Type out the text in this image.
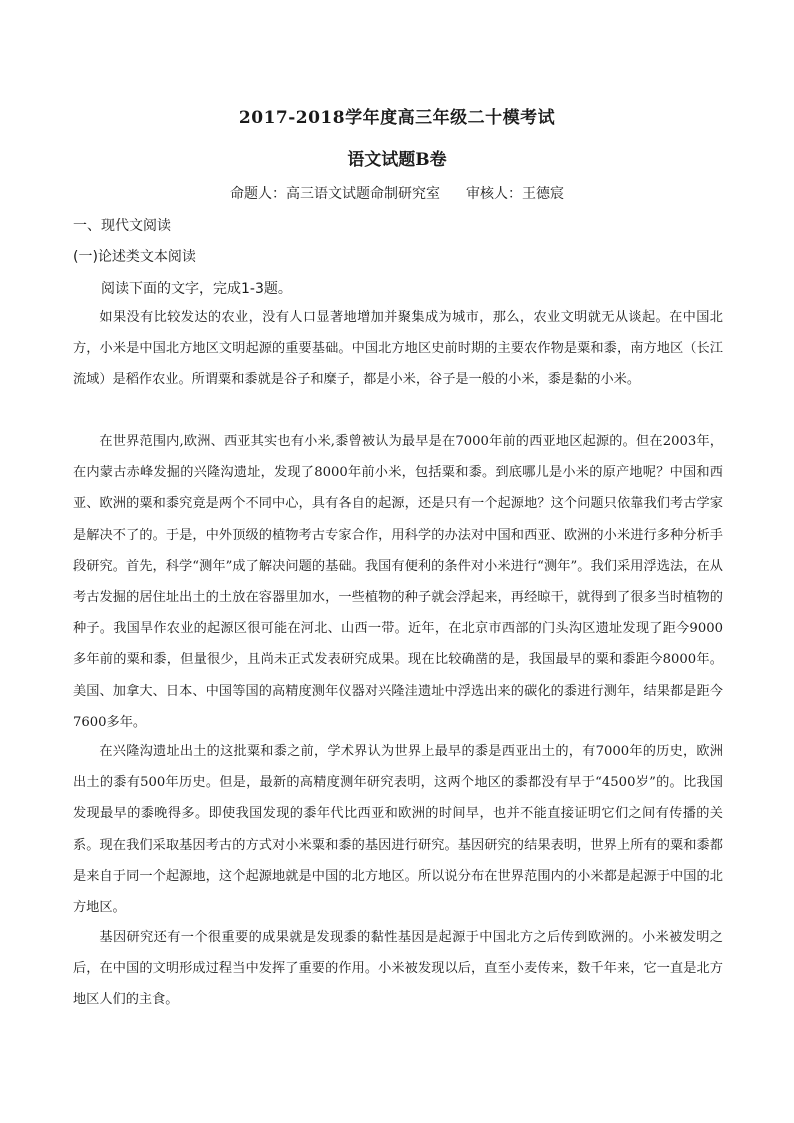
2017-2018学年度高三年级二十模考试
语文试题B卷
命题人：高三语文试题命制研究室 审核人：王德宸
一、现代文阅读
(一)论述类文本阅读
阅读下面的文字，完成1-3题。

如果没有比较发达的农业，没有人口显著地增加并聚集成为城市，那么，农业文明就无从谈起。在中国北方，小米是中国北方地区文明起源的重要基础。中国北方地区史前时期的主要农作物是粟和黍，南方地区（长江流域）是稻作农业。所谓粟和黍就是谷子和糜子，都是小米，谷子是一般的小米，黍是黏的小米。

在世界范围内,欧洲、西亚其实也有小米,黍曾被认为最早是在7000年前的西亚地区起源的。但在2003年，在内蒙古赤峰发掘的兴隆沟遗址，发现了8000年前小米，包括粟和黍。到底哪儿是小米的原产地呢？中国和西亚、欧洲的粟和黍究竟是两个不同中心，具有各自的起源，还是只有一个起源地？这个问题只依靠我们考古学家是解决不了的。于是，中外顶级的植物考古专家合作，用科学的办法对中国和西亚、欧洲的小米进行多种分析手段研究。首先，科学“测年”成了解决问题的基础。我国有便利的条件对小米进行“测年”。我们采用浮选法，在从考古发掘的居住址出土的土放在容器里加水，一些植物的种子就会浮起来，再经晾干，就得到了很多当时植物的种子。我国旱作农业的起源区很可能在河北、山西一带。近年，在北京市西部的门头沟区遗址发现了距今9000多年前的粟和黍，但量很少，且尚未正式发表研究成果。现在比较确凿的是，我国最早的粟和黍距今8000年。美国、加拿大、日本、中国等国的高精度测年仪器对兴隆洼遗址中浮选出来的碳化的黍进行测年，结果都是距今7600多年。

在兴隆沟遗址出土的这批粟和黍之前，学术界认为世界上最早的黍是西亚出土的，有7000年的历史，欧洲出土的黍有500年历史。但是，最新的高精度测年研究表明，这两个地区的黍都没有早于“4500岁”的。比我国发现最早的黍晚得多。即使我国发现的黍年代比西亚和欧洲的时间早，也并不能直接证明它们之间有传播的关系。现在我们采取基因考古的方式对小米粟和黍的基因进行研究。基因研究的结果表明，世界上所有的粟和黍都是来自于同一个起源地，这个起源地就是中国的北方地区。所以说分布在世界范围内的小米都是起源于中国的北方地区。

基因研究还有一个很重要的成果就是发现黍的黏性基因是起源于中国北方之后传到欧洲的。小米被发明之后，在中国的文明形成过程当中发挥了重要的作用。小米被发现以后，直至小麦传来，数千年来，它一直是北方地区人们的主食。
